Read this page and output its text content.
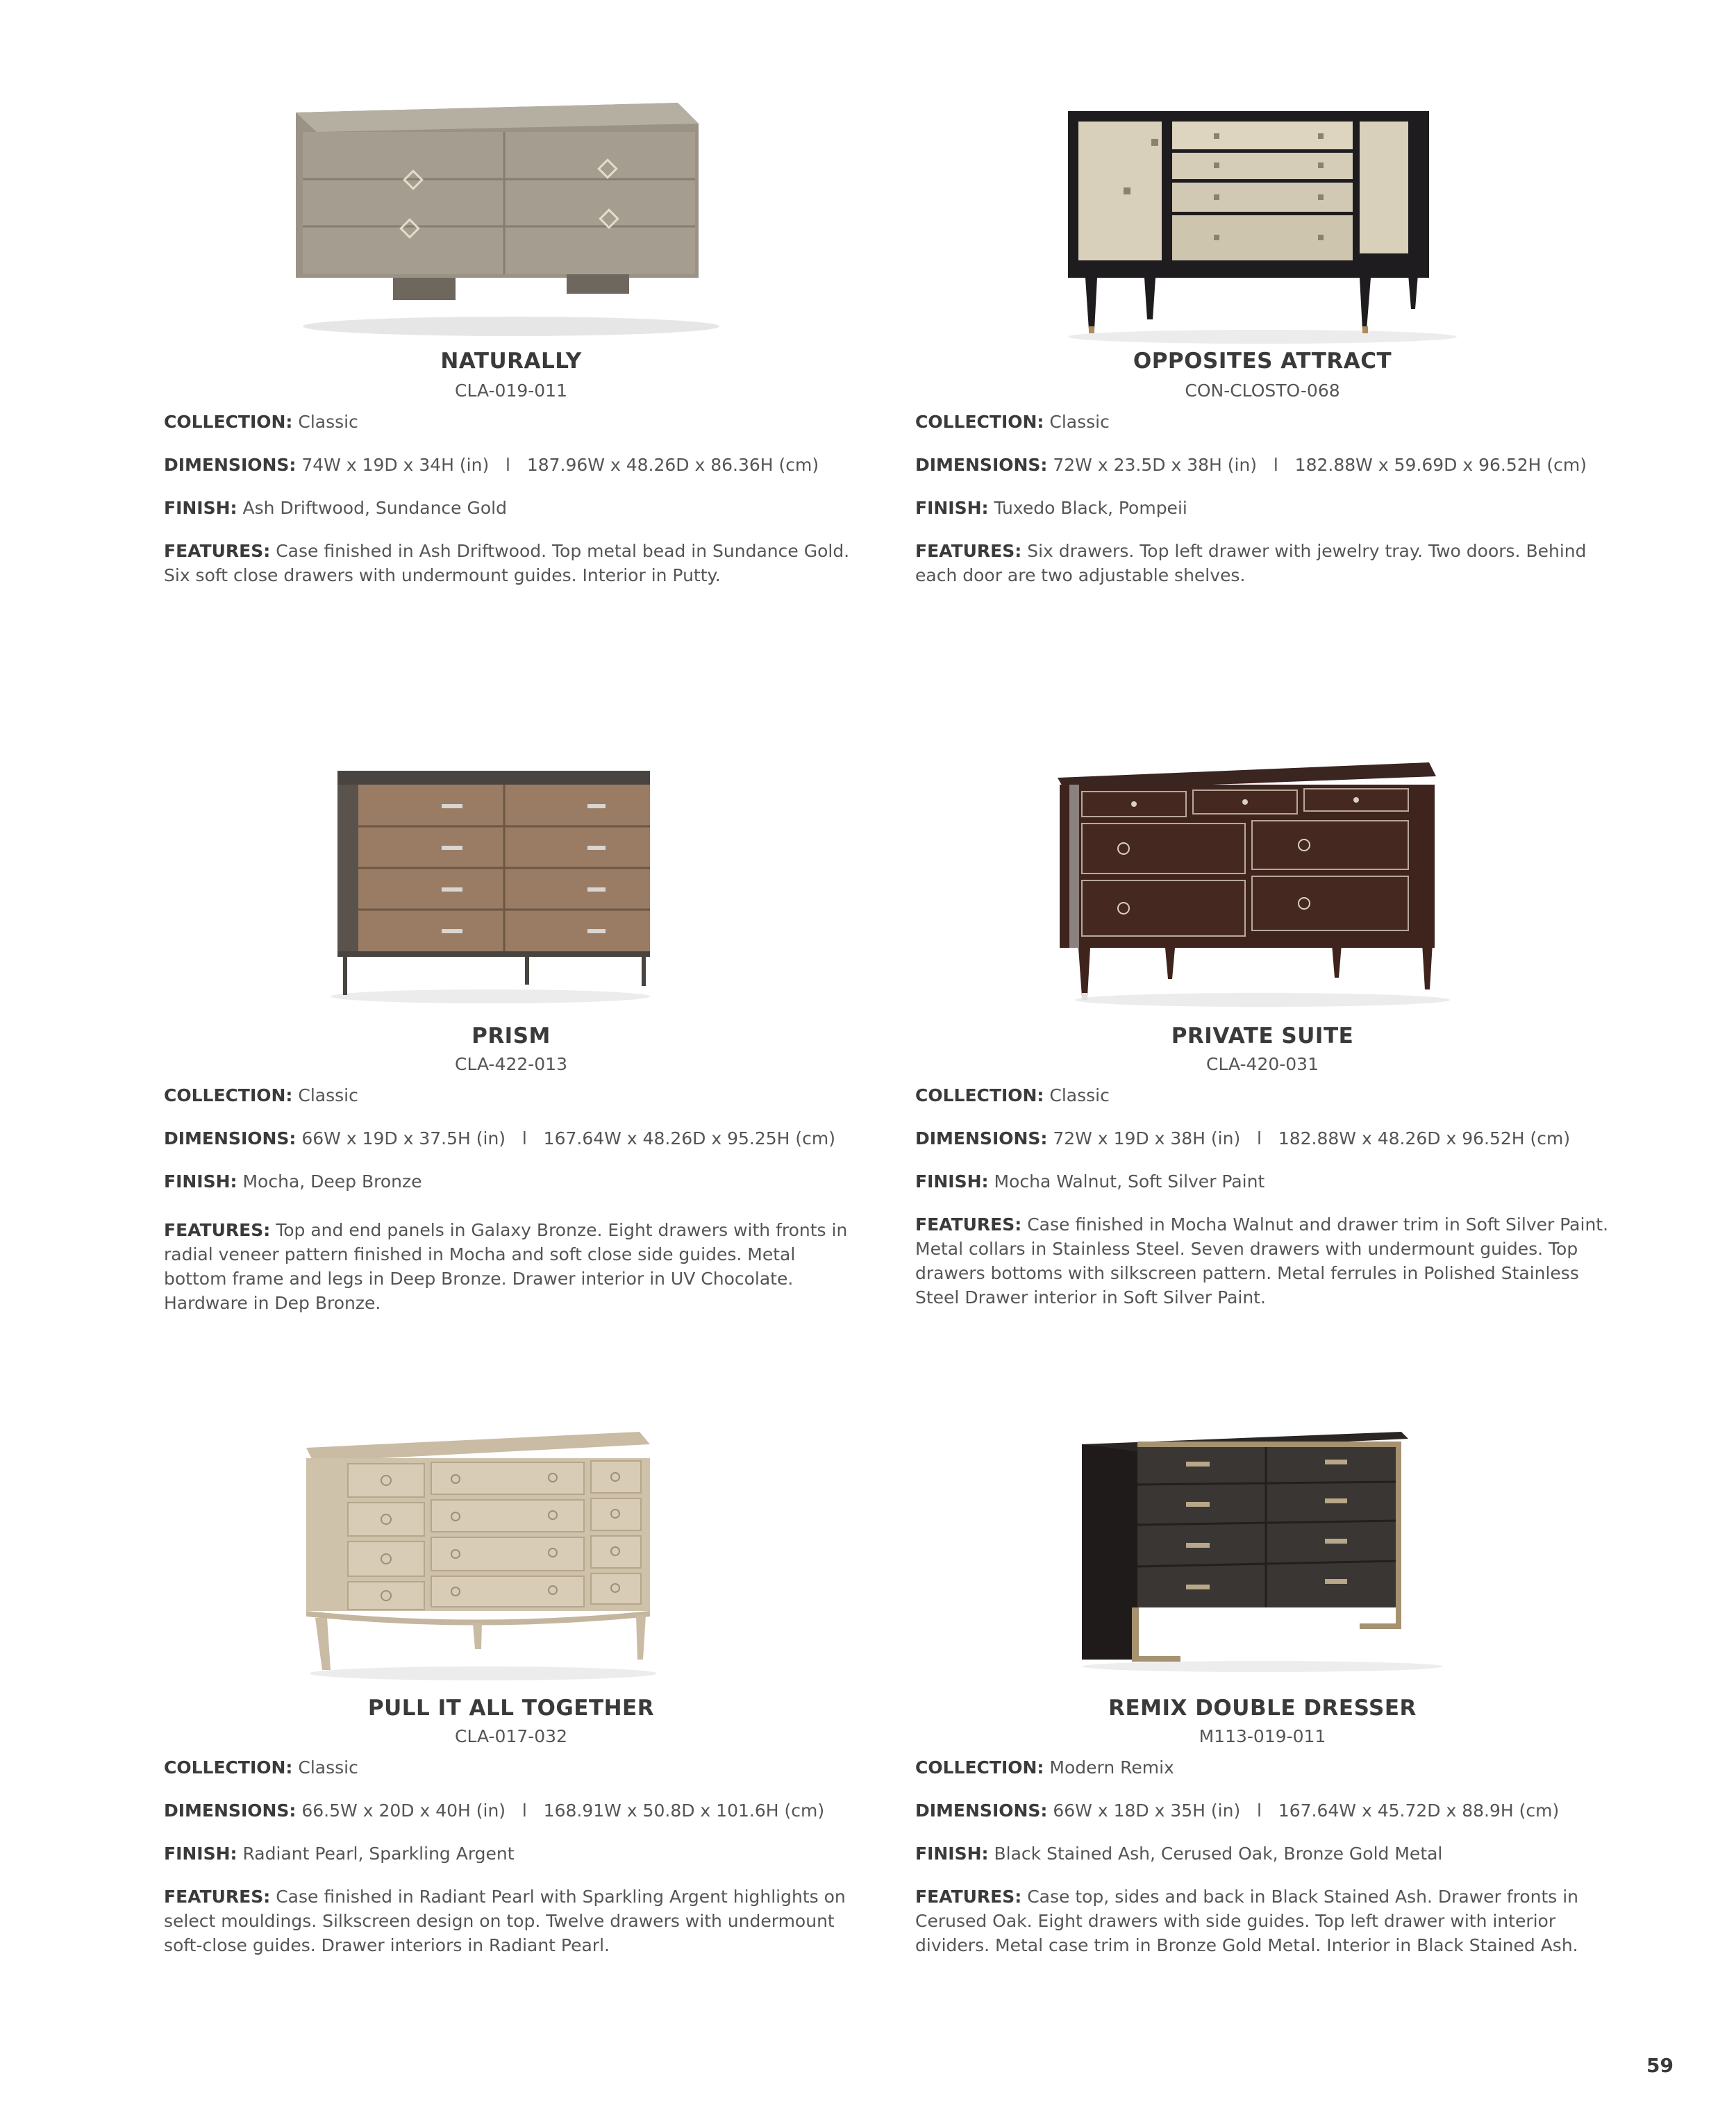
NATURALLY
CLA-019-011
COLLECTION: Classic
DIMENSIONS: 74W x 19D x 34H (in)   l   187.96W x 48.26D x 86.36H (cm)
FINISH: Ash Driftwood, Sundance Gold
FEATURES: Case finished in Ash Driftwood. Top metal bead in Sundance Gold. Six soft close drawers with undermount guides. Interior in Putty.
OPPOSITES ATTRACT
CON-CLOSTO-068
COLLECTION: Classic
DIMENSIONS: 72W x 23.5D x 38H (in)   l   182.88W x 59.69D x 96.52H (cm)
FINISH: Tuxedo Black, Pompeii
FEATURES: Six drawers. Top left drawer with jewelry tray. Two doors. Behind each door are two adjustable shelves.
PRISM
CLA-422-013
COLLECTION: Classic
DIMENSIONS: 66W x 19D x 37.5H (in)   l   167.64W x 48.26D x 95.25H (cm)
FINISH: Mocha, Deep Bronze
FEATURES: Top and end panels in Galaxy Bronze. Eight drawers with fronts in radial veneer pattern finished in Mocha and soft close side guides. Metal bottom frame and legs in Deep Bronze. Drawer interior in UV Chocolate. Hardware in Dep Bronze.
PRIVATE SUITE
CLA-420-031
COLLECTION: Classic
DIMENSIONS: 72W x 19D x 38H (in)   l   182.88W x 48.26D x 96.52H (cm)
FINISH: Mocha Walnut, Soft Silver Paint
FEATURES: Case finished in Mocha Walnut and drawer trim in Soft Silver Paint. Metal collars in Stainless Steel. Seven drawers with undermount guides. Top drawers bottoms with silkscreen pattern. Metal ferrules in Polished Stainless Steel Drawer interior in Soft Silver Paint.
PULL IT ALL TOGETHER
CLA-017-032
COLLECTION: Classic
DIMENSIONS: 66.5W x 20D x 40H (in)   l   168.91W x 50.8D x 101.6H (cm)
FINISH: Radiant Pearl, Sparkling Argent
FEATURES: Case finished in Radiant Pearl with Sparkling Argent highlights on select mouldings. Silkscreen design on top. Twelve drawers with undermount soft-close guides. Drawer interiors in Radiant Pearl.
REMIX DOUBLE DRESSER
M113-019-011
COLLECTION: Modern Remix
DIMENSIONS: 66W x 18D x 35H (in)   l   167.64W x 45.72D x 88.9H (cm)
FINISH: Black Stained Ash, Cerused Oak, Bronze Gold Metal
FEATURES: Case top, sides and back in Black Stained Ash. Drawer fronts in Cerused Oak. Eight drawers with side guides. Top left drawer with interior dividers. Metal case trim in Bronze Gold Metal. Interior in Black Stained Ash.
59
